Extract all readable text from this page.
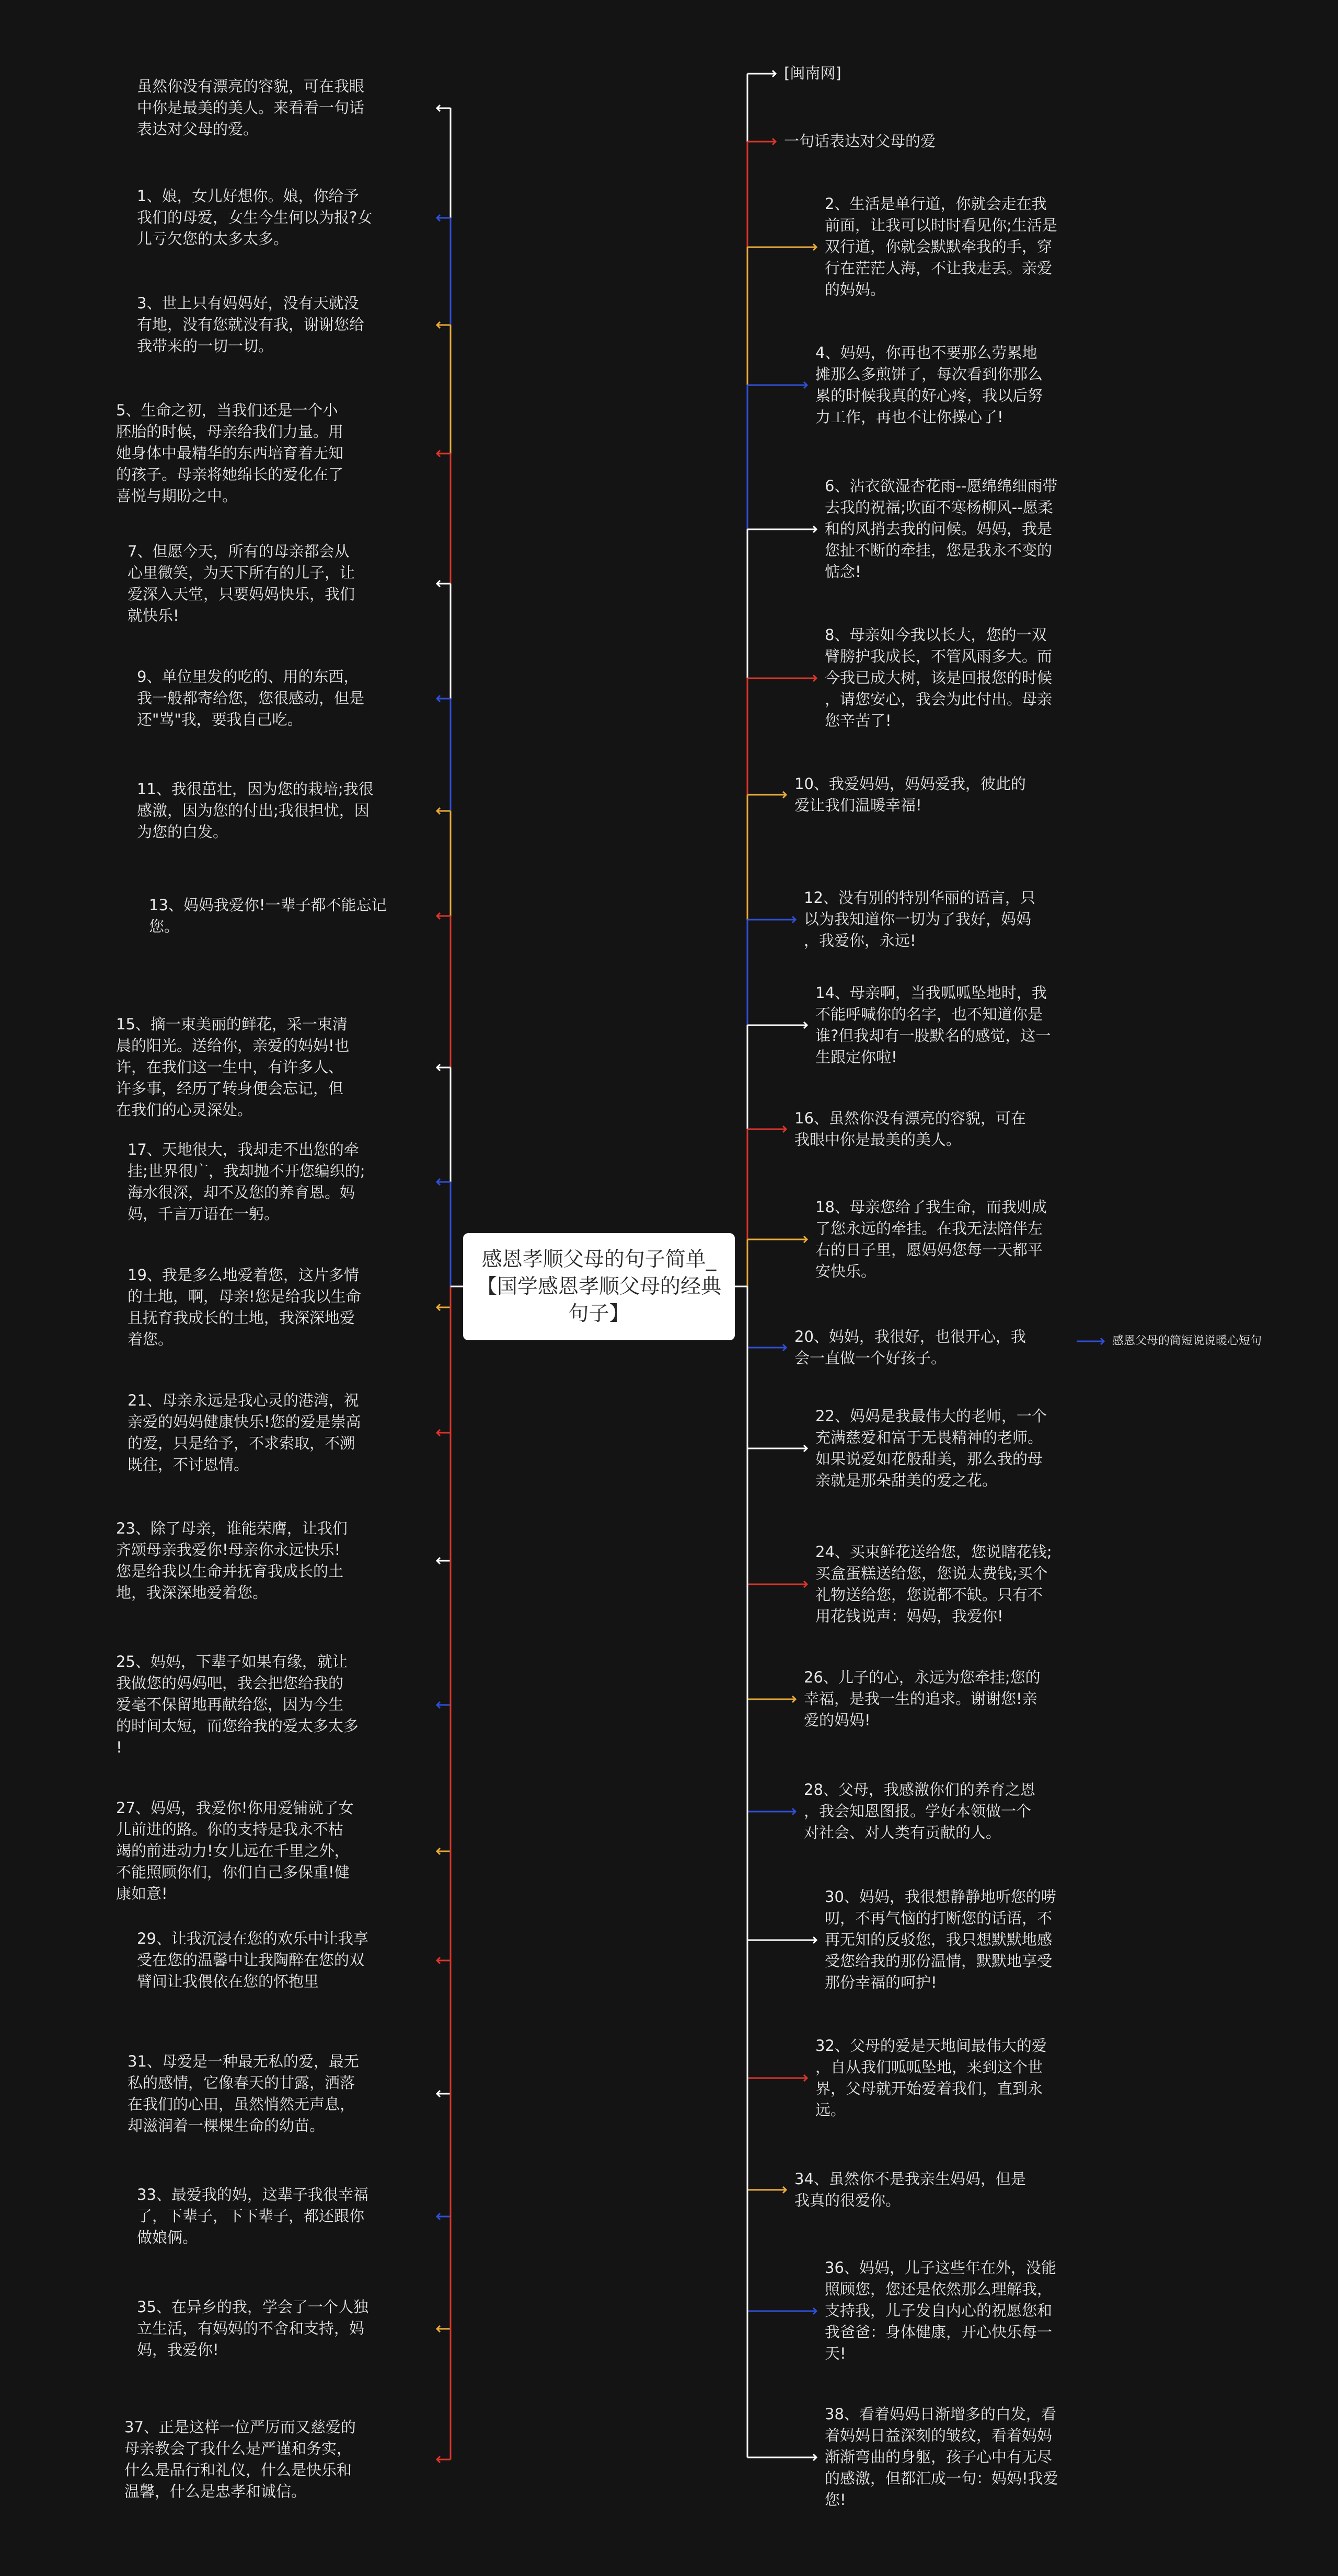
感恩孝顺父母的句子简单_【国学感恩孝顺父母的经典句子】
虽然你没有漂亮的容貌，可在我眼
中你是最美的美人。来看看一句话
表达对父母的爱。
1、娘，女儿好想你。娘，你给予
我们的母爱，女生今生何以为报?女
儿亏欠您的太多太多。
3、世上只有妈妈好，没有天就没
有地，没有您就没有我，谢谢您给
我带来的一切一切。
5、生命之初，当我们还是一个小
胚胎的时候，母亲给我们力量。用
她身体中最精华的东西培育着无知
的孩子。母亲将她绵长的爱化在了
喜悦与期盼之中。
7、但愿今天，所有的母亲都会从
心里微笑，为天下所有的儿子，让
爱深入天堂，只要妈妈快乐，我们
就快乐!
9、单位里发的吃的、用的东西，
我一般都寄给您，您很感动，但是
还"骂"我，要我自己吃。
11、我很茁壮，因为您的栽培;我很
感激，因为您的付出;我很担忧，因
为您的白发。
13、妈妈我爱你!一辈子都不能忘记
您。
15、摘一束美丽的鲜花，采一束清
晨的阳光。送给你，亲爱的妈妈!也
许，在我们这一生中，有许多人、
许多事，经历了转身便会忘记，但
在我们的心灵深处。
17、天地很大，我却走不出您的牵
挂;世界很广，我却抛不开您编织的;
海水很深，却不及您的养育恩。妈
妈，千言万语在一躬。
19、我是多么地爱着您，这片多情
的土地，啊，母亲!您是给我以生命
且抚育我成长的土地，我深深地爱
着您。
21、母亲永远是我心灵的港湾，祝
亲爱的妈妈健康快乐!您的爱是崇高
的爱，只是给予，不求索取，不溯
既往，不讨恩情。
23、除了母亲，谁能荣膺，让我们
齐颂母亲我爱你!母亲你永远快乐!
您是给我以生命并抚育我成长的土
地，我深深地爱着您。
25、妈妈，下辈子如果有缘，就让
我做您的妈妈吧，我会把您给我的
爱毫不保留地再献给您，因为今生
的时间太短，而您给我的爱太多太多
!
27、妈妈，我爱你!你用爱铺就了女
儿前进的路。你的支持是我永不枯
竭的前进动力!女儿远在千里之外，
不能照顾你们，你们自己多保重!健
康如意!
29、让我沉浸在您的欢乐中让我享
受在您的温馨中让我陶醉在您的双
臂间让我偎依在您的怀抱里
31、母爱是一种最无私的爱，最无
私的感情，它像春天的甘露，洒落
在我们的心田，虽然悄然无声息，
却滋润着一棵棵生命的幼苗。
33、最爱我的妈，这辈子我很幸福
了，下辈子，下下辈子，都还跟你
做娘俩。
35、在异乡的我，学会了一个人独
立生活，有妈妈的不舍和支持，妈
妈，我爱你!
37、正是这样一位严厉而又慈爱的
母亲教会了我什么是严谨和务实，
什么是品行和礼仪，什么是快乐和
温馨，什么是忠孝和诚信。
[闽南网]
一句话表达对父母的爱
2、生活是单行道，你就会走在我
前面，让我可以时时看见你;生活是
双行道，你就会默默牵我的手，穿
行在茫茫人海，不让我走丢。亲爱
的妈妈。
4、妈妈，你再也不要那么劳累地
摊那么多煎饼了，每次看到你那么
累的时候我真的好心疼，我以后努
力工作，再也不让你操心了!
6、沾衣欲湿杏花雨--愿绵绵细雨带
去我的祝福;吹面不寒杨柳风--愿柔
和的风捎去我的问候。妈妈，我是
您扯不断的牵挂，您是我永不变的
惦念!
8、母亲如今我以长大，您的一双
臂膀护我成长，不管风雨多大。而
今我已成大树，该是回报您的时候
，请您安心，我会为此付出。母亲
您辛苦了!
10、我爱妈妈，妈妈爱我，彼此的
爱让我们温暖幸福!
12、没有别的特别华丽的语言，只
以为我知道你一切为了我好，妈妈
，我爱你，永远!
14、母亲啊，当我呱呱坠地时，我
不能呼喊你的名字，也不知道你是
谁?但我却有一股默名的感觉，这一
生跟定你啦!
16、虽然你没有漂亮的容貌，可在
我眼中你是最美的美人。
18、母亲您给了我生命，而我则成
了您永远的牵挂。在我无法陪伴左
右的日子里，愿妈妈您每一天都平
安快乐。
20、妈妈，我很好，也很开心，我
会一直做一个好孩子。
22、妈妈是我最伟大的老师，一个
充满慈爱和富于无畏精神的老师。
如果说爱如花般甜美，那么我的母
亲就是那朵甜美的爱之花。
24、买束鲜花送给您，您说瞎花钱;
买盒蛋糕送给您，您说太费钱;买个
礼物送给您，您说都不缺。只有不
用花钱说声：妈妈，我爱你!
26、儿子的心，永远为您牵挂;您的
幸福，是我一生的追求。谢谢您!亲
爱的妈妈!
28、父母，我感激你们的养育之恩
，我会知恩图报。学好本领做一个
对社会、对人类有贡献的人。
30、妈妈，我很想静静地听您的唠
叨，不再气恼的打断您的话语，不
再无知的反驳您，我只想默默地感
受您给我的那份温情，默默地享受
那份幸福的呵护!
32、父母的爱是天地间最伟大的爱
，自从我们呱呱坠地，来到这个世
界，父母就开始爱着我们，直到永
远。
34、虽然你不是我亲生妈妈，但是
我真的很爱你。
36、妈妈，儿子这些年在外，没能
照顾您，您还是依然那么理解我，
支持我，儿子发自内心的祝愿您和
我爸爸：身体健康，开心快乐每一
天!
38、看着妈妈日渐增多的白发，看
着妈妈日益深刻的皱纹，看着妈妈
渐渐弯曲的身躯，孩子心中有无尽
的感激，但都汇成一句：妈妈!我爱
您!
感恩父母的简短说说暖心短句
